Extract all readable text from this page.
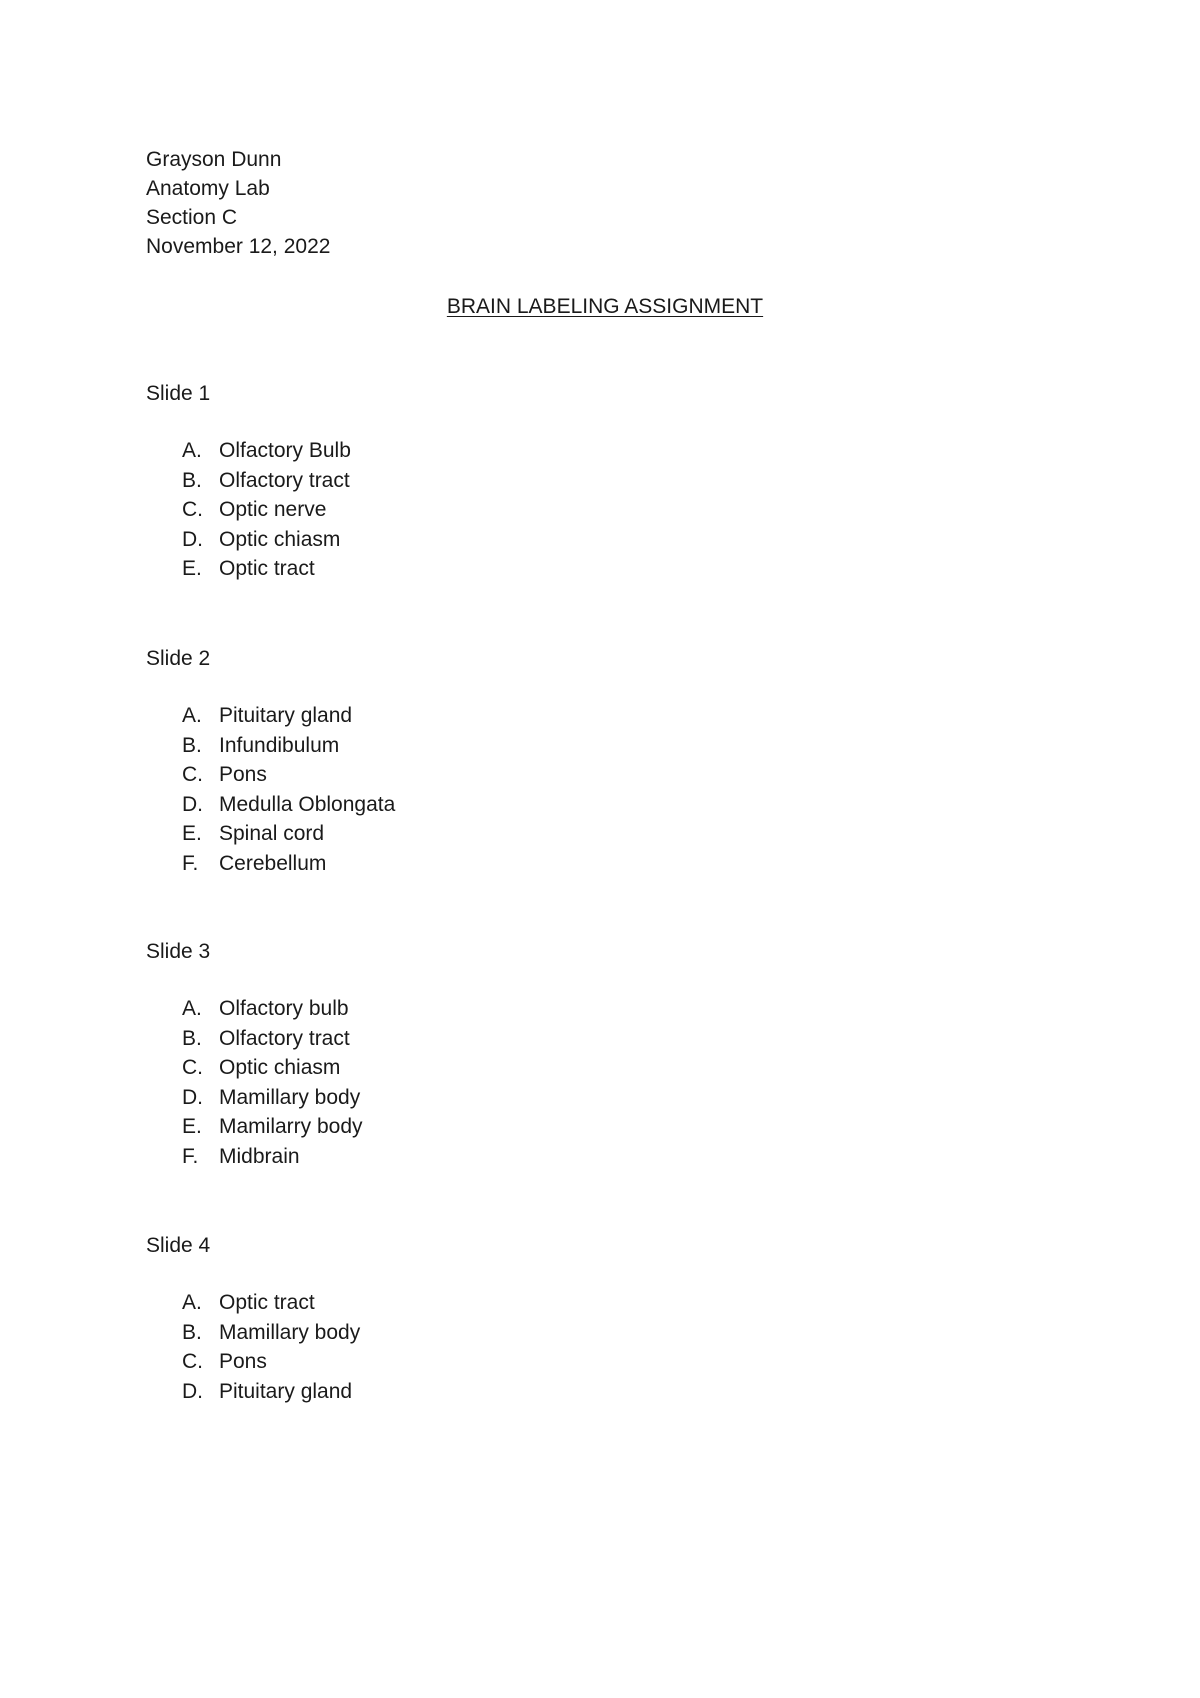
Grayson Dunn
Anatomy Lab
Section C
November 12, 2022
BRAIN LABELING ASSIGNMENT
Slide 1
A. Olfactory Bulb
B. Olfactory tract
C. Optic nerve
D. Optic chiasm
E. Optic tract
Slide 2
A. Pituitary gland
B. Infundibulum
C. Pons
D. Medulla Oblongata
E. Spinal cord
F. Cerebellum
Slide 3
A. Olfactory bulb
B. Olfactory tract
C. Optic chiasm
D. Mamillary body
E. Mamilarry body
F. Midbrain
Slide 4
A. Optic tract
B. Mamillary body
C. Pons
D. Pituitary gland
